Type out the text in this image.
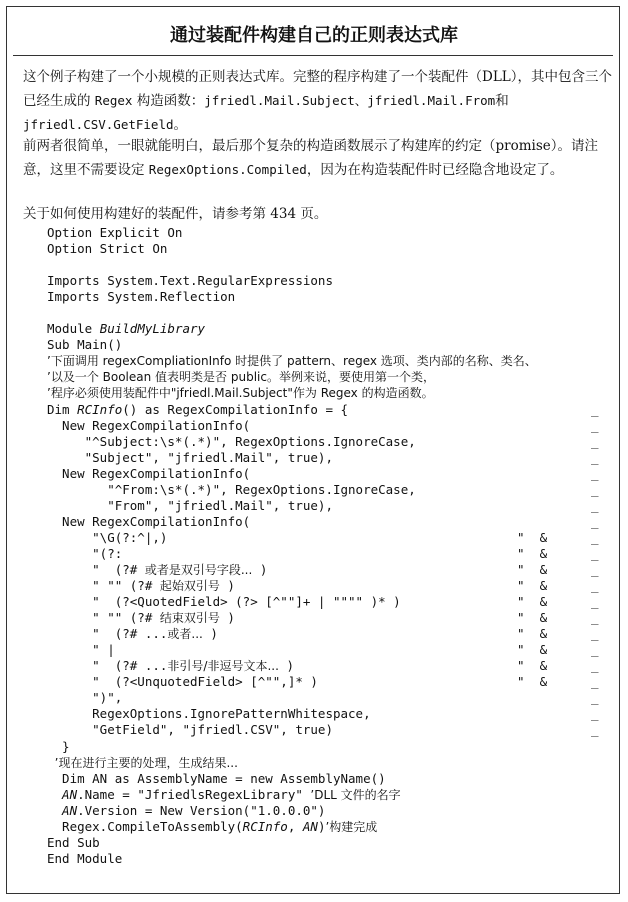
通过装配件构建自己的正则表达式库

这个例子构建了一个小规模的正则表达式库。完整的程序构建了一个装配件（DLL），其中包含三个已经生成的 Regex 构造函数：jfriedl.Mail.Subject、jfriedl.Mail.From和 jfriedl.CSV.GetField。

前两者很简单，一眼就能明白，最后那个复杂的构造函数展示了构建库的约定（promise）。请注意，这里不需要设定 RegexOptions.Compiled，因为在构造装配件时已经隐含地设定了。

关于如何使用构建好的装配件，请参考第 434 页。

Option Explicit On
Option Strict On
Imports System.Text.RegularExpressions
Imports System.Reflection
Module BuildMyLibrary
Sub Main()
’下面调用 regexCompliationInfo 时提供了 pattern、regex 选项、类内部的名称、类名、
’以及一个 Boolean 值表明类是否 public。举例来说，要使用第一个类，
’程序必须使用装配件中"jfriedl.Mail.Subject"作为 Regex 的构造函数。
Dim RCInfo() as RegexCompilationInfo = {	_
New RegexCompilationInfo(	_
"^Subject:\s*(.*)", RegexOptions.IgnoreCase,	_
"Subject", "jfriedl.Mail", true),	_
New RegexCompilationInfo(	_
"^From:\s*(.*)", RegexOptions.IgnoreCase,	_
"From", "jfriedl.Mail", true),	_
New RegexCompilationInfo(	_
"\G(?:^|,)	"  &	_
"(?:	"  &	_
"  (?# 或者是双引号字段... )	"  &	_
" "" (?# 起始双引号 )	"  &	_
"  (?<QuotedField> (?> [^""]+ | """" )* )	"  &	_
" "" (?# 结束双引号 )	"  &	_
"  (?# ...或者... )	"  &	_
" |	"  &	_
"  (?# ...非引号/非逗号文本... )	"  &	_
"  (?<UnquotedField> [^"",]* )	"  &	_
")",	_
RegexOptions.IgnorePatternWhitespace,	_
"GetField", "jfriedl.CSV", true)	_
}
’现在进行主要的处理，生成结果...
Dim AN as AssemblyName = new AssemblyName()
AN.Name = "JfriedlsRegexLibrary" ’DLL 文件的名字
AN.Version = New Version("1.0.0.0")
Regex.CompileToAssembly(RCInfo, AN)’构建完成
End Sub
End Module
